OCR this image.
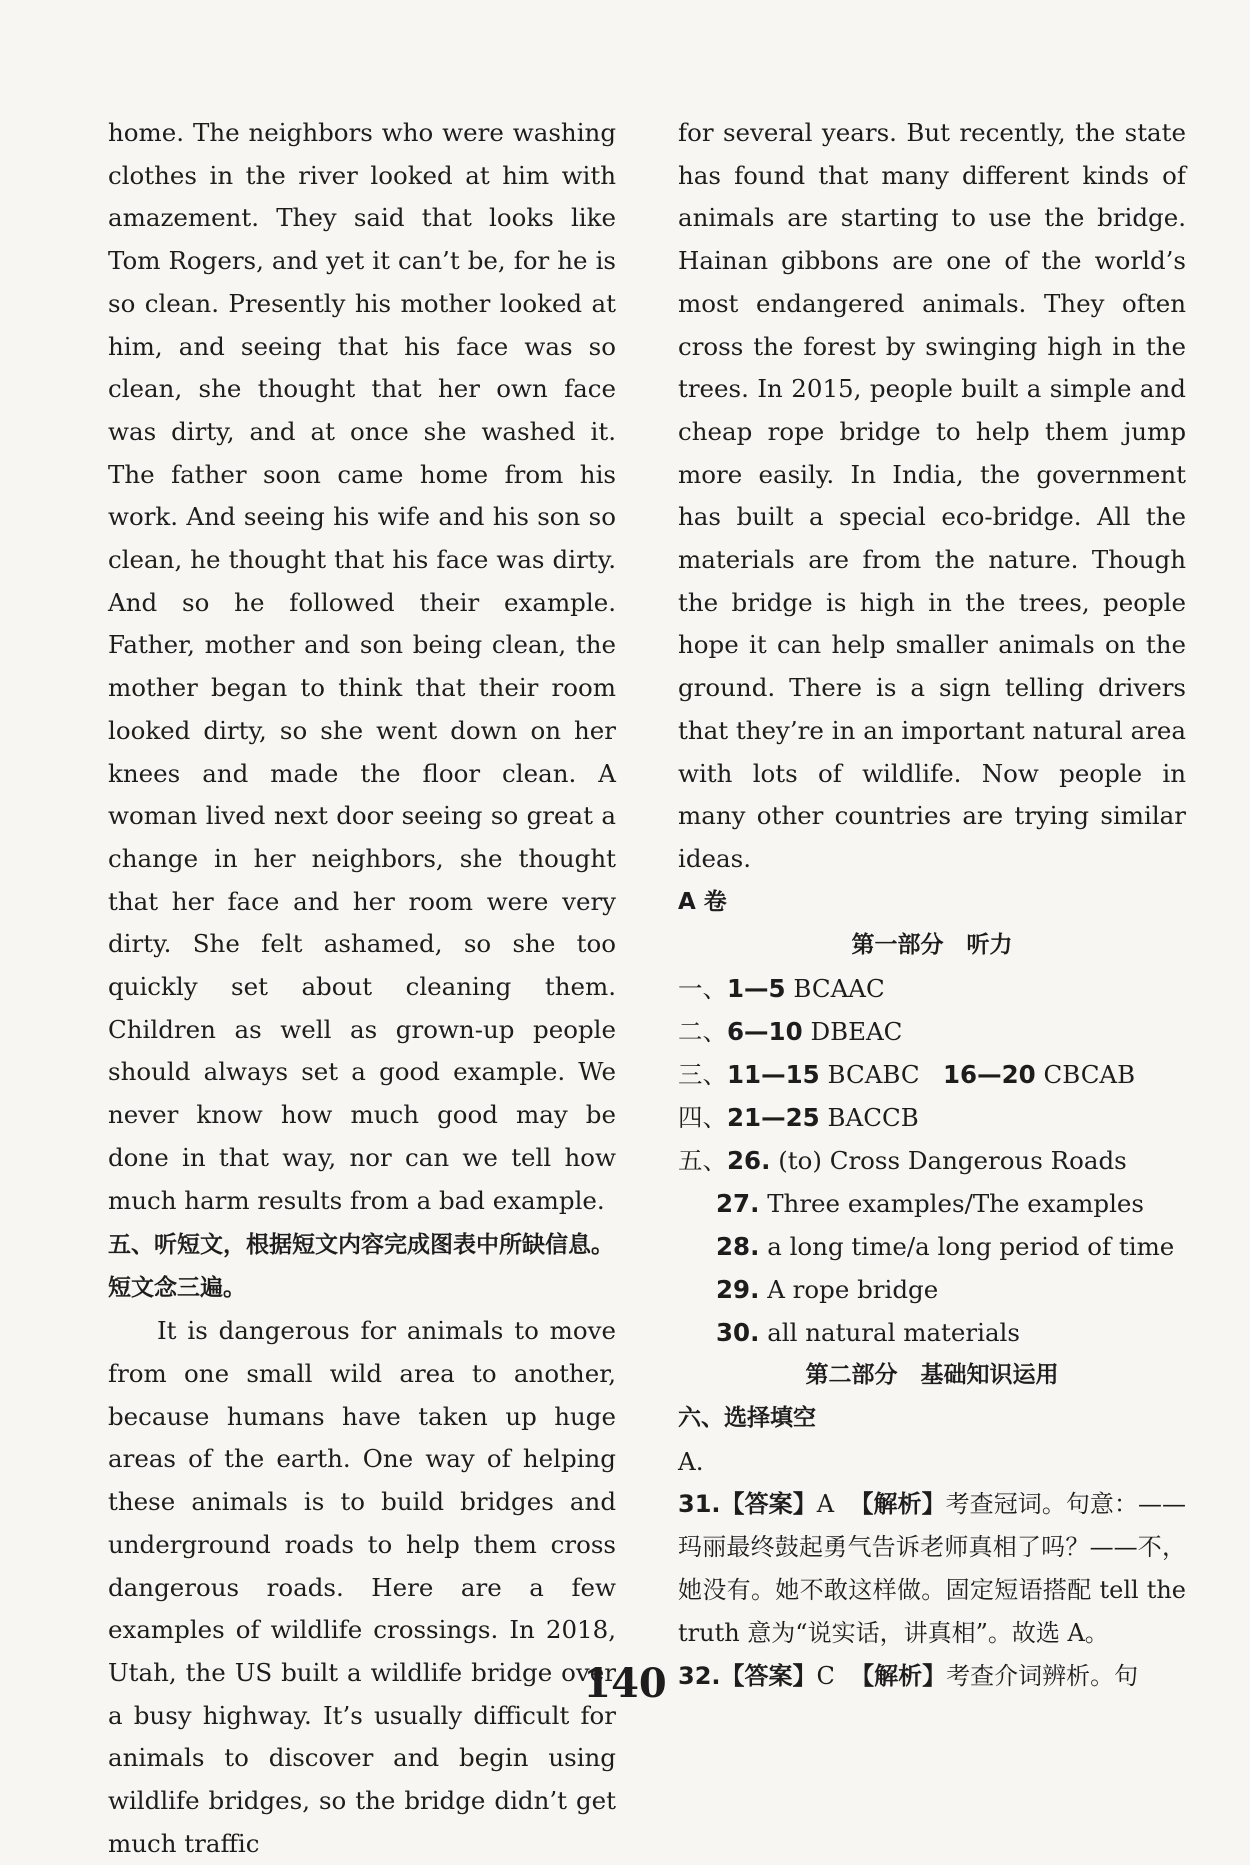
home. The neighbors who were washing clothes in the river looked at him with amazement. They said that looks like Tom Rogers, and yet it can’t be, for he is so clean. Presently his mother looked at him, and seeing that his face was so clean, she thought that her own face was dirty, and at once she washed it. The father soon came home from his work. And seeing his wife and his son so clean, he thought that his face was dirty. And so he followed their example. Father, mother and son being clean, the mother began to think that their room looked dirty, so she went down on her knees and made the floor clean. A woman lived next door seeing so great a change in her neighbors, she thought that her face and her room were very dirty. She felt ashamed, so she too quickly set about cleaning them. Children as well as grown-up people should always set a good example. We never know how much good may be done in that way, nor can we tell how much harm results from a bad example.

五、听短文，根据短文内容完成图表中所缺信息。短文念三遍。

It is dangerous for animals to move from one small wild area to another, because humans have taken up huge areas of the earth. One way of helping these animals is to build bridges and underground roads to help them cross dangerous roads. Here are a few examples of wildlife crossings. In 2018, Utah, the US built a wildlife bridge over a busy highway. It’s usually difficult for animals to discover and begin using wildlife bridges, so the bridge didn’t get much traffic

for several years. But recently, the state has found that many different kinds of animals are starting to use the bridge. Hainan gibbons are one of the world’s most endangered animals. They often cross the forest by swinging high in the trees. In 2015, people built a simple and cheap rope bridge to help them jump more easily. In India, the government has built a special eco-bridge. All the materials are from the nature. Though the bridge is high in the trees, people hope it can help smaller animals on the ground. There is a sign telling drivers that they’re in an important natural area with lots of wildlife. Now people in many other countries are trying similar ideas.

A 卷
第一部分　听力
一、1—5 BCAAC
二、6—10 DBEAC
三、11—15 BCABC 16—20 CBCAB
四、21—25 BACCB
五、26. (to) Cross Dangerous Roads
27. Three examples/The examples
28. a long time/a long period of time
29. A rope bridge
30. all natural materials
第二部分　基础知识运用
六、选择填空
A.
31.【答案】A 【解析】考查冠词。句意：——玛丽最终鼓起勇气告诉老师真相了吗？——不，她没有。她不敢这样做。固定短语搭配 tell the truth 意为“说实话，讲真相”。故选 A。
32.【答案】C 【解析】考查介词辨析。句
140
